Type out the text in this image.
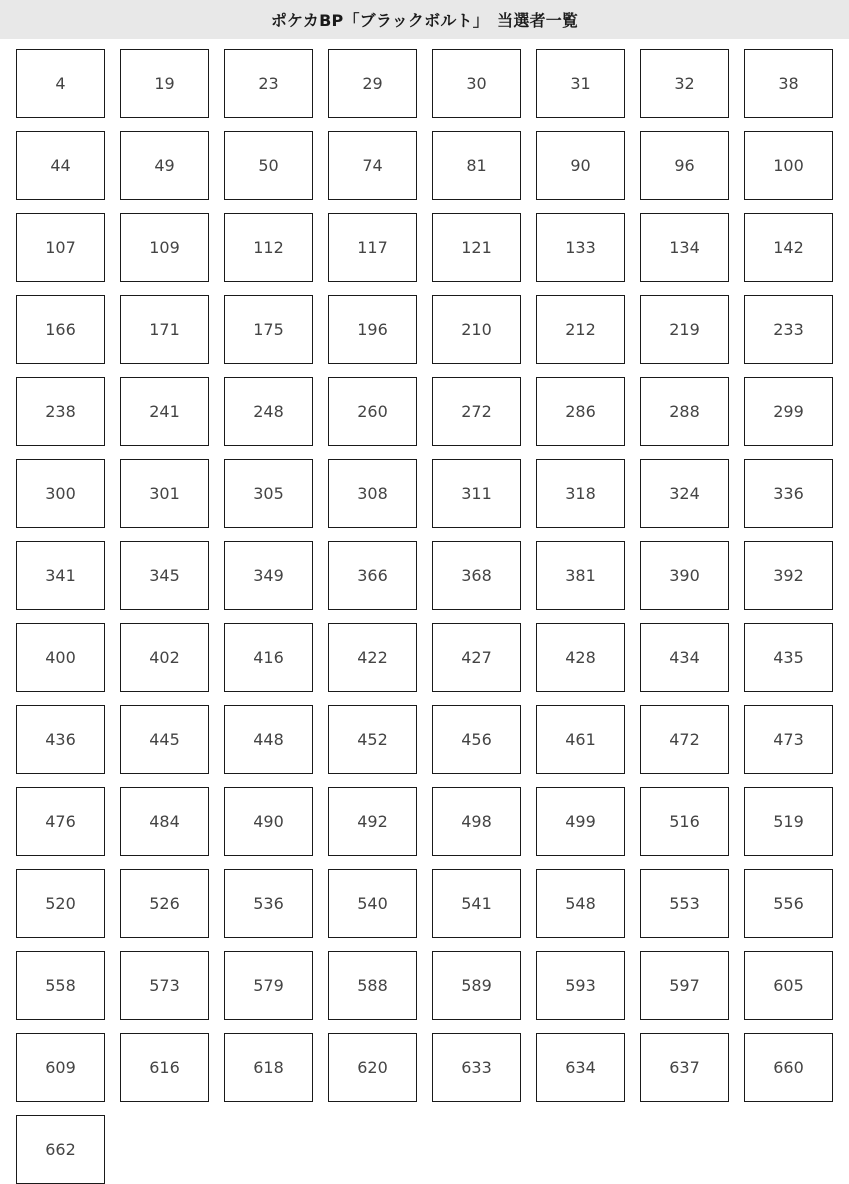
ポケカBP「ブラックボルト」　当選者一覧
4	19	23	29	30	31	32	38
44	49	50	74	81	90	96	100
107	109	112	117	121	133	134	142
166	171	175	196	210	212	219	233
238	241	248	260	272	286	288	299
300	301	305	308	311	318	324	336
341	345	349	366	368	381	390	392
400	402	416	422	427	428	434	435
436	445	448	452	456	461	472	473
476	484	490	492	498	499	516	519
520	526	536	540	541	548	553	556
558	573	579	588	589	593	597	605
609	616	618	620	633	634	637	660
662
